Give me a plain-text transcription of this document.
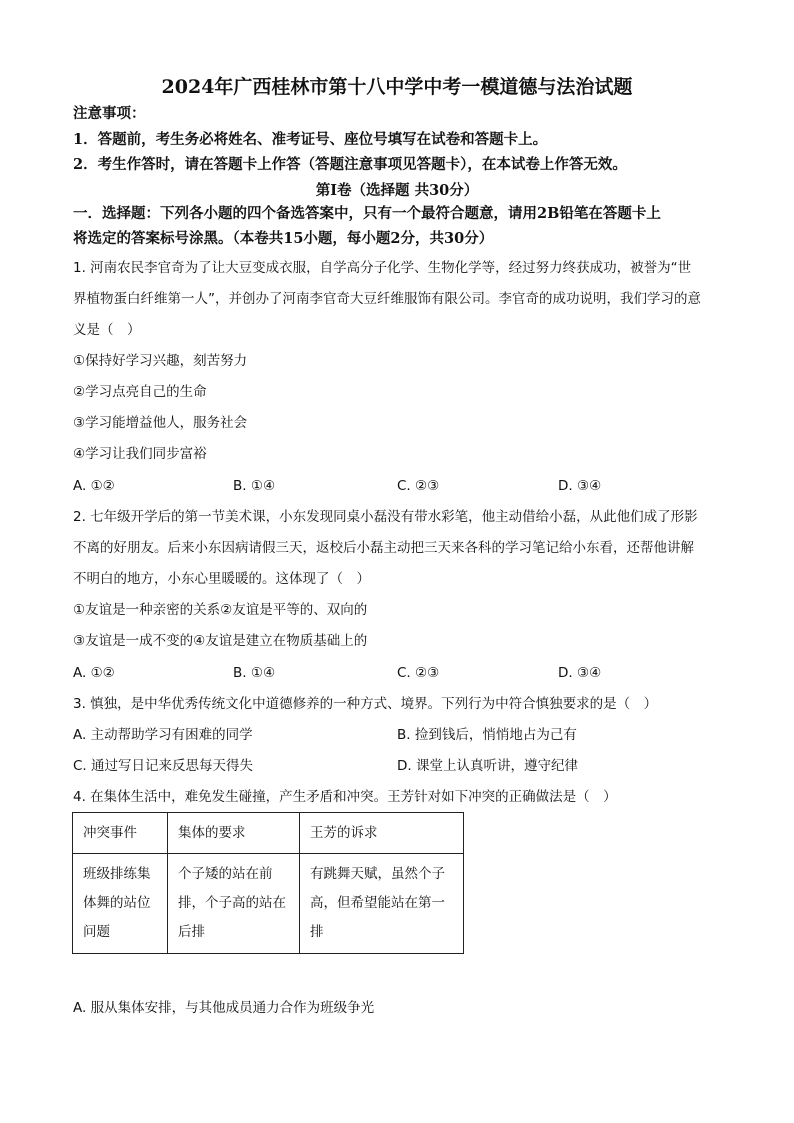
2024年广西桂林市第十八中学中考一模道德与法治试题
注意事项：
1．答题前，考生务必将姓名、准考证号、座位号填写在试卷和答题卡上。
2．考生作答时，请在答题卡上作答（答题注意事项见答题卡），在本试卷上作答无效。
第Ⅰ卷（选择题 共30分）
一．选择题：下列各小题的四个备选答案中，只有一个最符合题意，请用2B铅笔在答题卡上
将选定的答案标号涂黑。（本卷共15小题，每小题2分，共30分）
1. 河南农民李官奇为了让大豆变成衣服，自学高分子化学、生物化学等，经过努力终获成功，被誉为“世
界植物蛋白纤维第一人”，并创办了河南李官奇大豆纤维服饰有限公司。李官奇的成功说明，我们学习的意
义是（　）
①保持好学习兴趣，刻苦努力
②学习点亮自己的生命
③学习能增益他人，服务社会
④学习让我们同步富裕
A. ①②	B. ①④	C. ②③	D. ③④
2. 七年级开学后的第一节美术课，小东发现同桌小磊没有带水彩笔，他主动借给小磊，从此他们成了形影
不离的好朋友。后来小东因病请假三天，返校后小磊主动把三天来各科的学习笔记给小东看，还帮他讲解
不明白的地方，小东心里暖暖的。这体现了（　）
①友谊是一种亲密的关系②友谊是平等的、双向的
③友谊是一成不变的④友谊是建立在物质基础上的
A. ①②	B. ①④	C. ②③	D. ③④
3. 慎独，是中华优秀传统文化中道德修养的一种方式、境界。下列行为中符合慎独要求的是（　）
A. 主动帮助学习有困难的同学	B. 捡到钱后，悄悄地占为己有
C. 通过写日记来反思每天得失	D. 课堂上认真听讲，遵守纪律
4. 在集体生活中，难免发生碰撞，产生矛盾和冲突。王芳针对如下冲突的正确做法是（　）
冲突事件	集体的要求	王芳的诉求
班级排练集体舞的站位问题	个子矮的站在前排，个子高的站在后排	有跳舞天赋，虽然个子高，但希望能站在第一排
A. 服从集体安排，与其他成员通力合作为班级争光
